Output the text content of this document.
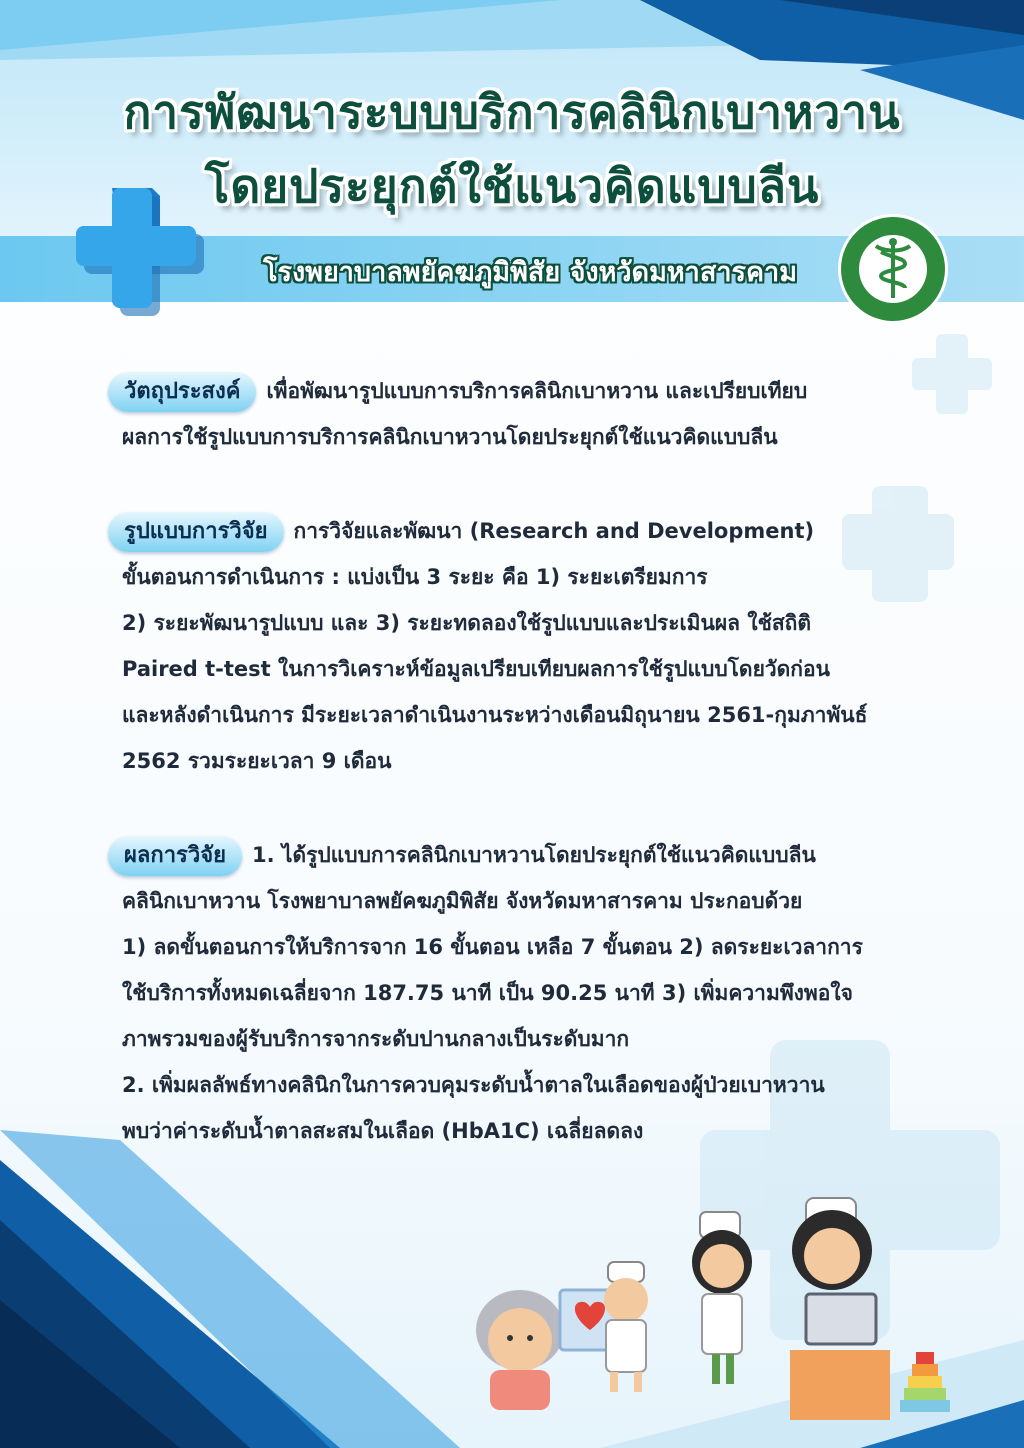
การพัฒนาระบบบริการคลินิกเบาหวาน
โดยประยุกต์ใช้แนวคิดแบบลีน
โรงพยาบาลพยัคฆภูมิพิสัย จังหวัดมหาสารคาม

วัตถุประสงค์ เพื่อพัฒนารูปแบบการบริการคลินิกเบาหวาน และเปรียบเทียบ

ผลการใช้รูปแบบการบริการคลินิกเบาหวานโดยประยุกต์ใช้แนวคิดแบบลีน

รูปแบบการวิจัย การวิจัยและพัฒนา (Research and Development)

ขั้นตอนการดำเนินการ : แบ่งเป็น 3 ระยะ คือ 1) ระยะเตรียมการ

2) ระยะพัฒนารูปแบบ และ 3) ระยะทดลองใช้รูปแบบและประเมินผล ใช้สถิติ

Paired t-test ในการวิเคราะห์ข้อมูลเปรียบเทียบผลการใช้รูปแบบโดยวัดก่อน

และหลังดำเนินการ มีระยะเวลาดำเนินงานระหว่างเดือนมิถุนายน 2561-กุมภาพันธ์

2562 รวมระยะเวลา 9 เดือน

ผลการวิจัย 1. ได้รูปแบบการคลินิกเบาหวานโดยประยุกต์ใช้แนวคิดแบบลีน

คลินิกเบาหวาน โรงพยาบาลพยัคฆภูมิพิสัย จังหวัดมหาสารคาม ประกอบด้วย

1) ลดขั้นตอนการให้บริการจาก 16 ขั้นตอน เหลือ 7 ขั้นตอน 2) ลดระยะเวลาการ

ใช้บริการทั้งหมดเฉลี่ยจาก 187.75 นาที เป็น 90.25 นาที 3) เพิ่มความพึงพอใจ

ภาพรวมของผู้รับบริการจากระดับปานกลางเป็นระดับมาก

2. เพิ่มผลลัพธ์ทางคลินิกในการควบคุมระดับน้ำตาลในเลือดของผู้ป่วยเบาหวาน

พบว่าค่าระดับน้ำตาลสะสมในเลือด (HbA1C) เฉลี่ยลดลง
